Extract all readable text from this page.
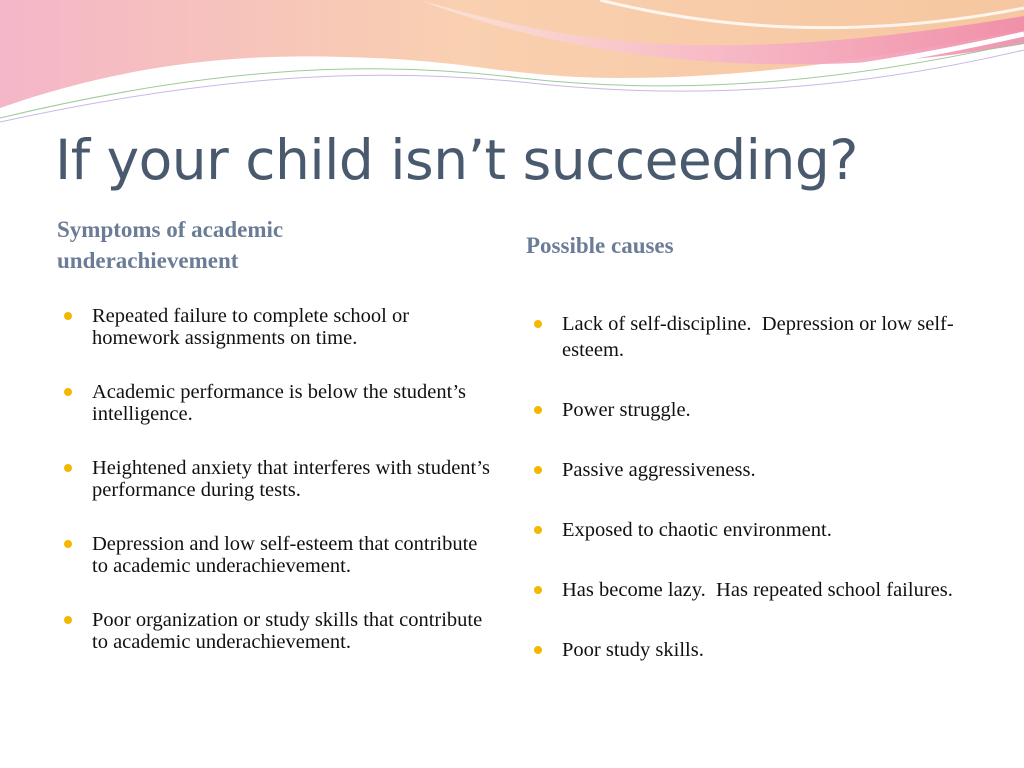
If your child isn’t succeeding?
Symptoms of academic underachievement
Possible causes
Repeated failure to complete school or homework assignments on time.
Academic performance is below the student’s intelligence.
Heightened anxiety that interferes with student’s performance during tests.
Depression and low self-esteem that contribute to academic underachievement.
Poor organization or study skills that contribute to academic underachievement.
Lack of self-discipline.  Depression or low self-esteem.
Power struggle.
Passive aggressiveness.
Exposed to chaotic environment.
Has become lazy.  Has repeated school failures.
Poor study skills.
